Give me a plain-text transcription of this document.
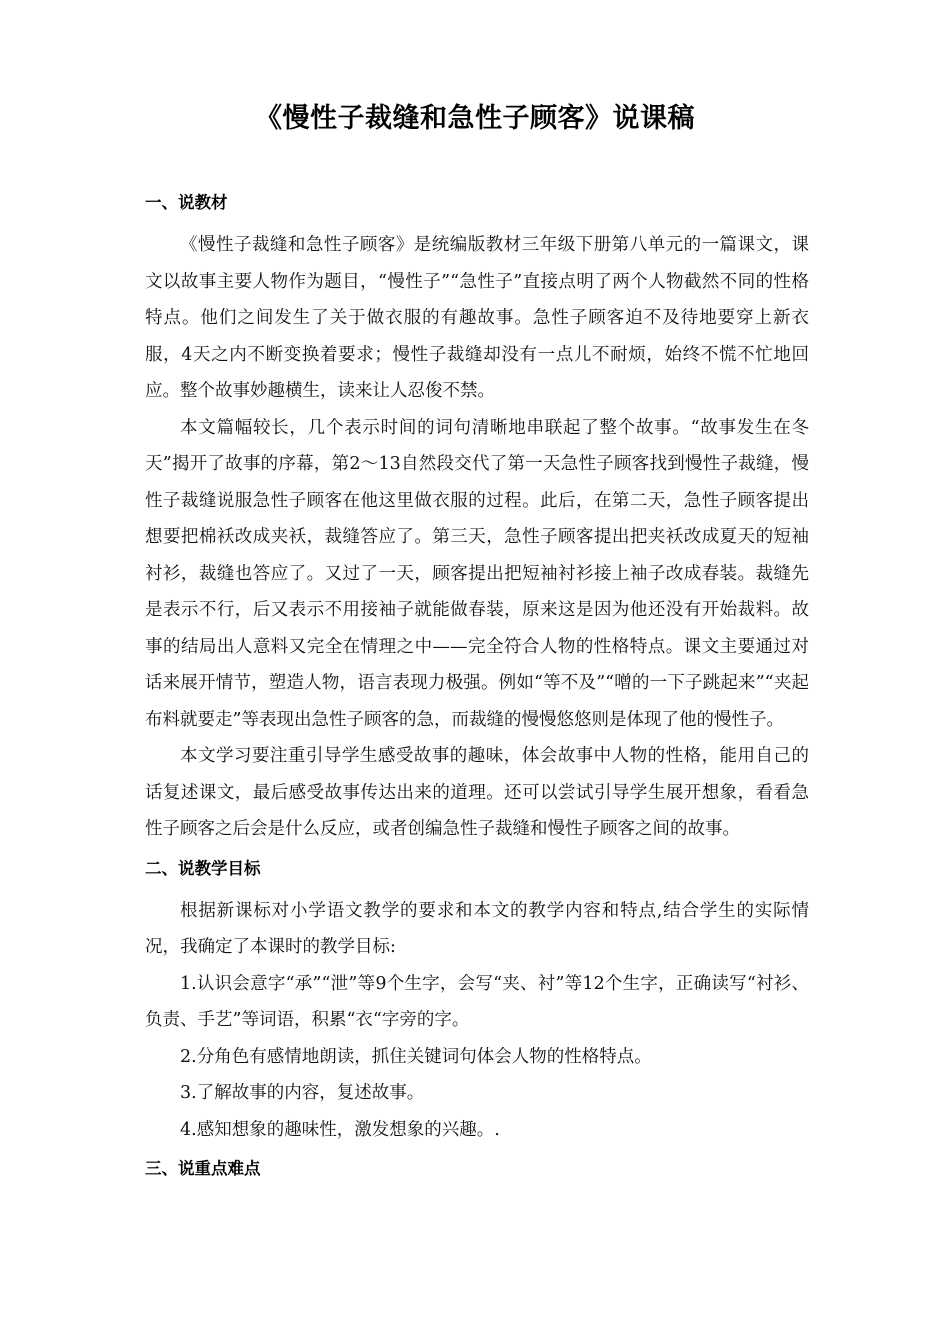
《慢性子裁缝和急性子顾客》说课稿
一、说教材

《慢性子裁缝和急性子顾客》是统编版教材三年级下册第八单元的一篇课文，课文以故事主要人物作为题目，“慢性子”“急性子”直接点明了两个人物截然不同的性格特点。他们之间发生了关于做衣服的有趣故事。急性子顾客迫不及待地要穿上新衣服，4天之内不断变换着要求；慢性子裁缝却没有一点儿不耐烦，始终不慌不忙地回应。整个故事妙趣横生，读来让人忍俊不禁。

本文篇幅较长，几个表示时间的词句清晰地串联起了整个故事。“故事发生在冬天”揭开了故事的序幕，第2～13自然段交代了第一天急性子顾客找到慢性子裁缝，慢性子裁缝说服急性子顾客在他这里做衣服的过程。此后，在第二天，急性子顾客提出想要把棉袄改成夹袄，裁缝答应了。第三天，急性子顾客提出把夹袄改成夏天的短袖衬衫，裁缝也答应了。又过了一天，顾客提出把短袖衬衫接上袖子改成春装。裁缝先是表示不行，后又表示不用接袖子就能做春装，原来这是因为他还没有开始裁料。故事的结局出人意料又完全在情理之中——完全符合人物的性格特点。课文主要通过对话来展开情节，塑造人物，语言表现力极强。例如“等不及”“噌的一下子跳起来”“夹起布料就要走”等表现出急性子顾客的急，而裁缝的慢慢悠悠则是体现了他的慢性子。

本文学习要注重引导学生感受故事的趣味，体会故事中人物的性格，能用自己的话复述课文，最后感受故事传达出来的道理。还可以尝试引导学生展开想象，看看急性子顾客之后会是什么反应，或者创编急性子裁缝和慢性子顾客之间的故事。

二、说教学目标

根据新课标对小学语文教学的要求和本文的教学内容和特点,结合学生的实际情况，我确定了本课时的教学目标:

1.认识会意字“承”“泄”等9个生字，会写“夹、衬”等12个生字，正确读写“衬衫、负责、手艺”等词语，积累“衣“字旁的字。

2.分角色有感情地朗读，抓住关键词句体会人物的性格特点。

3.了解故事的内容，复述故事。

4.感知想象的趣味性，激发想象的兴趣。.

三、说重点难点
